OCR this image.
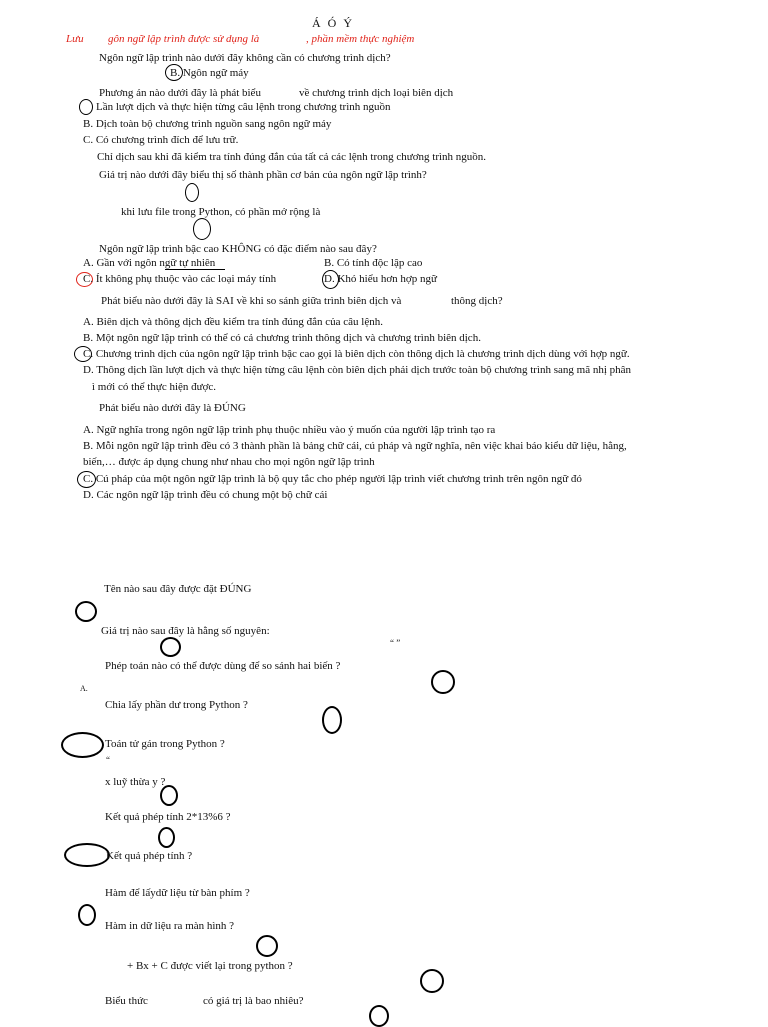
Á Ó Ý
Lưu gôn ngữ lập trình được sử dụng là	, phần mềm thực nghiệm
Ngôn ngữ lập trình nào dưới đây không cần có chương trình dịch?
B. Ngôn ngữ máy
Phương án nào dưới đây là phát biểu	về chương trình dịch loại biên dịch
Lần lượt dịch và thực hiện từng câu lệnh trong chương trình nguồn
B. Dịch toàn bộ chương trình nguồn sang ngôn ngữ máy
C. Có chương trình đích để lưu trữ.
Chỉ dịch sau khi đã kiểm tra tính đúng đắn của tất cả các lệnh trong chương trình nguồn.
Giá trị nào dưới đây biểu thị số thành phần cơ bản của ngôn ngữ lập trình?
khi lưu file trong Python, có phần mở rộng là
Ngôn ngữ lập trình bậc cao KHÔNG có đặc điểm nào sau đây?
A. Gần với ngôn ngữ tự nhiên	B. Có tính độc lập cao
C. Ít không phụ thuộc vào các loại máy tính	D. Khó hiểu hơn hợp ngữ
Phát biểu nào dưới đây là SAI về khi so sánh giữa trình biên dịch và	thông dịch?
A. Biên dịch và thông dịch đều kiểm tra tính đúng đắn của câu lệnh.
B. Một ngôn ngữ lập trình có thể có cả chương trình thông dịch và chương trình biên dịch.
C. Chương trình dịch của ngôn ngữ lập trình bậc cao gọi là biên dịch còn thông dịch là chương trình dịch dùng với hợp ngữ.
D. Thông dịch lần lượt dịch và thực hiện từng câu lệnh còn biên dịch phải dịch trước toàn bộ chương trình sang mã nhị phân
ì mới có thể thực hiện được.
Phát biểu nào dưới đây là ĐÚNG
A. Ngữ nghĩa trong ngôn ngữ lập trình phụ thuộc nhiều vào ý muốn của người lập trình tạo ra
B. Mỗi ngôn ngữ lập trình đều có 3 thành phần là bảng chữ cái, cú pháp và ngữ nghĩa, nên việc khai báo kiểu dữ liệu, hằng,
biến,… được áp dụng chung như nhau cho mọi ngôn ngữ lập trình
C. Cú pháp của một ngôn ngữ lập trình là bộ quy tắc cho phép người lập trình viết chương trình trên ngôn ngữ đó
D. Các ngôn ngữ lập trình đều có chung một bộ chữ cái
Tên nào sau đây được đặt ĐÚNG
Giá trị nào sau đây là hằng số nguyên:
“ ”
Phép toán nào có thể được dùng để so sánh hai biến ?
A.
Chia lấy phần dư trong Python ?
Toán tử gán trong Python ?
“
x luỹ thừa y ?
Kết quả phép tính 2*13%6 ?
Kết quả phép tính ?
Hàm để lấydữ liệu từ bàn phím ?
Hàm in dữ liệu ra màn hình ?
+ Bx + C được viết lại trong python ?
Biểu thức	có giá trị là bao nhiêu?
